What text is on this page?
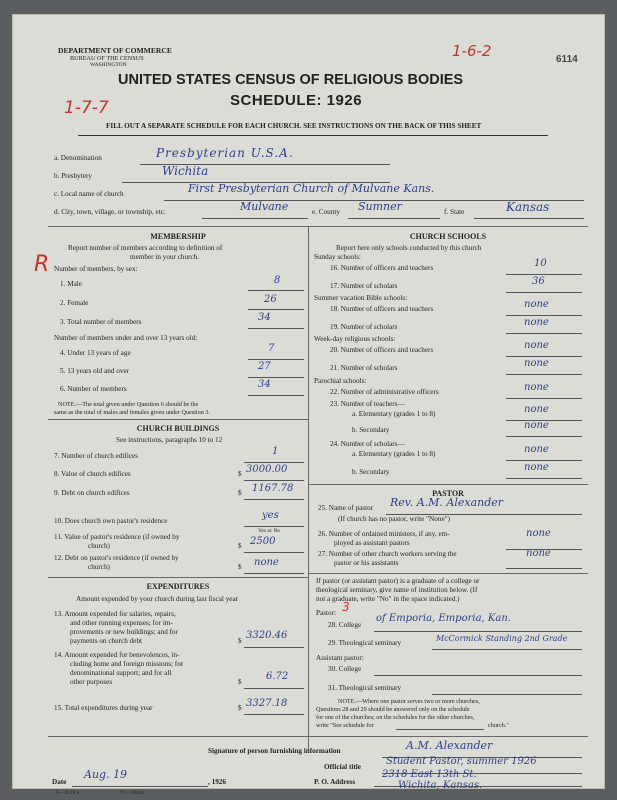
DEPARTMENT OF COMMERCE
BUREAU OF THE CENSUS
WASHINGTON
UNITED STATES CENSUS OF RELIGIOUS BODIES
SCHEDULE: 1926
FILL OUT A SEPARATE SCHEDULE FOR EACH CHURCH. SEE INSTRUCTIONS ON THE BACK OF THIS SHEET
6114
1-6-2
1-7-7
R
a. Denomination	Presbyterian U.S.A.
b. Presbytery	Wichita
c. Local name of church	First Presbyterian Church of Mulvane Kans.
d. City, town, village, or township, etc.	Mulvane	e. County Sumner	f. State	Kansas
MEMBERSHIP
Report number of members according to definition of
member in your church.
Number of members, by sex:
1. Male	8
2. Female	26
3. Total number of members	34
Number of members under and over 13 years old:
4. Under 13 years of age	7
5. 13 years old and over	27
6. Number of members	34
NOTE.—The total given under Question 6 should be the
same as the total of males and females given under Question 3.
CHURCH BUILDINGS
See instructions, paragraphs 10 to 12
7. Number of church edifices	1
8. Value of church edifices	$ 3000.00
9. Debt on church edifices	$ 1167.78
10. Does church own pastor's residence	yes
Yes or No
11. Value of pastor's residence (if owned by
church)	$ 2500
12. Debt on pastor's residence (if owned by
church)	$ none
EXPENDITURES
Amount expended by your church during last fiscal year
13. Amount expended for salaries, repairs,
and other running expenses; for im-
provements or new buildings; and for
payments on church debt	$ 3320.46
14. Amount expended for benevolences, in-
cluding home and foreign missions; for
denominational support; and for all
other purposes	$ 6.72
15. Total expenditures during year	$ 3327.18
CHURCH SCHOOLS
Report here only schools conducted by this church
Sunday schools:
16. Number of officers and teachers	10
17. Number of scholars	36
Summer vacation Bible schools:
18. Number of officers and teachers	none
19. Number of scholars	none
Week-day religious schools:
20. Number of officers and teachers	none
21. Number of scholars	none
Parochial schools:
22. Number of administrative officers	none
23. Number of teachers—
a. Elementary (grades 1 to 8)	none
b. Secondary	none
24. Number of scholars—
a. Elementary (grades 1 to 8)	none
b. Secondary	none
PASTOR
25. Name of pastor Rev. A.M. Alexander
(If church has no pastor, write "None")
26. Number of ordained ministers, if any, em-
ployed as assistant pastors
none
27. Number of other church workers serving the
pastor or his assistants
none
If pastor (or assistant pastor) is a graduate of a college or
theological seminary, give name of institution below. (If
not a graduate, write "No" in the space indicated.)
Pastor: 3
28. College
of Emporia, Emporia, Kan.
29. Theological seminary	McCormick Standing 2nd Grade
Assistant pastor:
30. College
31. Theological seminary
NOTE.—Where one pastor serves two or more churches,
Questions 28 and 29 should be answered only on the schedule
for one of the churches; on the schedules for the other churches,
write "See schedule for	church."
Signature of person furnishing information	A.M. Alexander
Official title	Student Pastor, summer 1926
Date
Aug. 19
, 1926	P. O. Address
2318 East 13th St.
Wichita, Kansas.
6—3518 a	11—9064d
